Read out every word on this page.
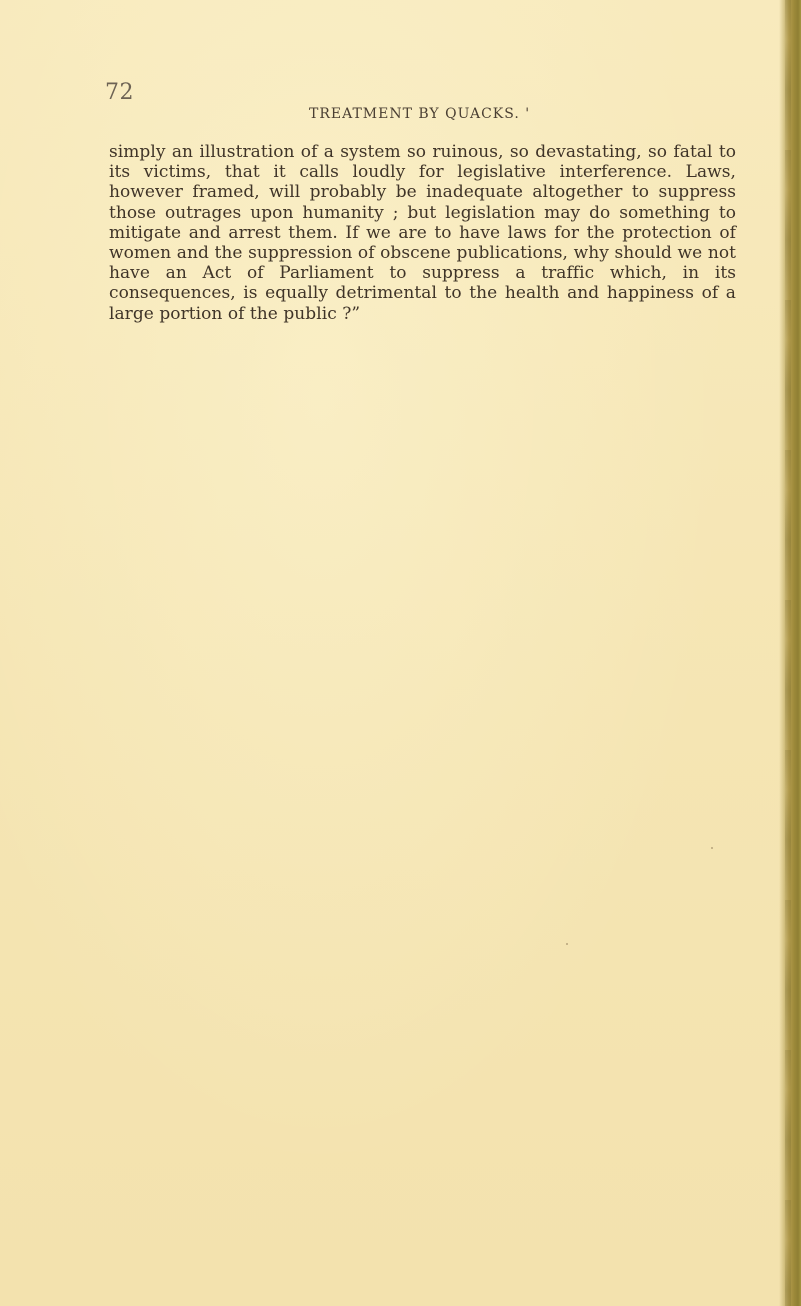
72
TREATMENT BY QUACKS. '

simply an illustration of a system so ruinous, so devastating, so fatal to its victims, that it calls loudly for legislative interference. Laws, however framed, will probably be inadequate altogether to suppress those outrages upon humanity ; but legislation may do something to mitigate and arrest them. If we are to have laws for the protection of women and the suppression of obscene publications, why should we not have an Act of Parliament to suppress a traffic which, in its consequences, is equally detrimental to the health and happiness of a large portion of the public ?”
